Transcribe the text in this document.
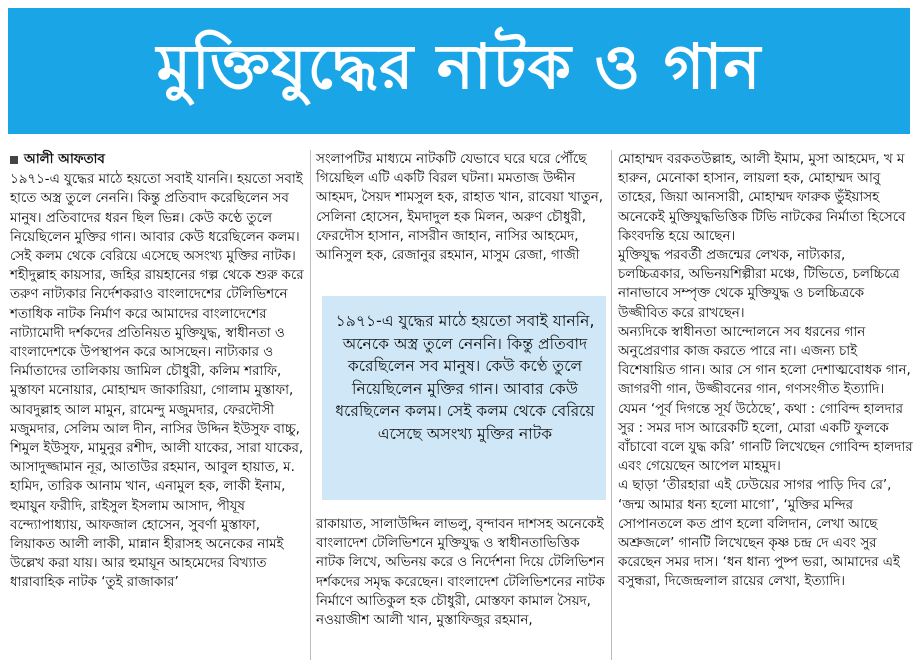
মুক্তিযুদ্ধের নাটক ও গান
আলী আফতাব

১৯৭১-এ যুদ্ধের মাঠে হয়তো সবাই যাননি। হয়তো সবাই হাতে অস্ত্র তুলে নেননি। কিন্তু প্রতিবাদ করেছিলেন সব মানুষ। প্রতিবাদের ধরন ছিল ভিন্ন। কেউ কণ্ঠে তুলে নিয়েছিলেন মুক্তির গান। আবার কেউ ধরেছিলেন কলম। সেই কলম থেকে বেরিয়ে এসেছে অসংখ্য মুক্তির নাটক। শহীদুল্লাহ কায়সার, জহির রায়হানের গল্প থেকে শুরু করে তরুণ নাট্যকার নির্দেশকরাও বাংলাদেশের টেলিভিশনে শতাধিক নাটক নির্মাণ করে আমাদের বাংলাদেশের নাট্যামোদী দর্শকদের প্রতিনিয়ত মুক্তিযুদ্ধ, স্বাধীনতা ও বাংলাদেশকে উপস্থাপন করে আসছেন। নাট্যকার ও নির্মাতাদের তালিকায় জামিল চৌধুরী, কলিম শরাফি, মুস্তাফা মনোয়ার, মোহাম্মদ জাকারিয়া, গোলাম মুস্তাফা, আবদুল্লাহ আল মামুন, রামেন্দু মজুমদার, ফেরদৌসী মজুমদার, সেলিম আল দীন, নাসির উদ্দিন ইউসুফ বাচ্চু, শিমুল ইউসুফ, মামুনুর রশীদ, আলী যাকের, সারা যাকের, আসাদুজ্জামান নূর, আতাউর রহমান, আবুল হায়াত, ম. হামিদ, তারিক আনাম খান, এনামুল হক, লাকী ইনাম, হুমায়ুন ফরীদি, রাইসুল ইসলাম আসাদ, পীযূষ বন্দ্যোপাধ্যায়, আফজাল হোসেন, সুবর্ণা মুস্তাফা, লিয়াকত আলী লাকী, মান্নান হীরাসহ অনেকের নামই উল্লেখ করা যায়। আর হুমায়ূন আহমেদের বিখ্যাত ধারাবাহিক নাটক ‘তুই রাজাকার’

সংলাপটির মাধ্যমে নাটকটি যেভাবে ঘরে ঘরে পৌঁছে গিয়েছিল এটি একটি বিরল ঘটনা। মমতাজ উদ্দীন আহমদ, সৈয়দ শামসুল হক, রাহাত খান, রাবেয়া খাতুন, সেলিনা হোসেন, ইমদাদুল হক মিলন, অরুণ চৌধুরী, ফেরদৌস হাসান, নাসরীন জাহান, নাসির আহমেদ, আনিসুল হক, রেজানুর রহমান, মাসুম রেজা, গাজী

১৯৭১-এ যুদ্ধের মাঠে হয়তো সবাই যাননি, অনেকে অস্ত্র তুলে নেননি। কিন্তু প্রতিবাদ করেছিলেন সব মানুষ। কেউ কণ্ঠে তুলে নিয়েছিলেন মুক্তির গান। আবার কেউ ধরেছিলেন কলম। সেই কলম থেকে বেরিয়ে এসেছে অসংখ্য মুক্তির নাটক

রাকায়াত, সালাউদ্দিন লাভলু, বৃন্দাবন দাশসহ অনেকেই বাংলাদেশ টেলিভিশনে মুক্তিযুদ্ধ ও স্বাধীনতাভিত্তিক নাটক লিখে, অভিনয় করে ও নির্দেশনা দিয়ে টেলিভিশন দর্শকদের সমৃদ্ধ করেছেন। বাংলাদেশ টেলিভিশনের নাটক নির্মাণে আতিকুল হক চৌধুরী, মোস্তফা কামাল সৈয়দ, নওয়াজীশ আলী খান, মুস্তাফিজুর রহমান,

মোহাম্মদ বরকতউল্লাহ, আলী ইমাম, মুসা আহমেদ, খ ম হারুন, মেনোকা হাসান, লায়লা হক, মোহাম্মদ আবু তাহের, জিয়া আনসারী, মোহাম্মদ ফারুক ভুঁইয়াসহ অনেকেই মুক্তিযুদ্ধভিত্তিক টিভি নাটকের নির্মাতা হিসেবে কিংবদন্তি হয়ে আছেন।

মুক্তিযুদ্ধ পরবর্তী প্রজন্মের লেখক, নাট্যকার, চলচ্চিত্রকার, অভিনয়শিল্পীরা মঞ্চে, টিভিতে, চলচ্চিত্রে নানাভাবে সম্পৃক্ত থেকে মুক্তিযুদ্ধ ও চলচ্চিত্রকে উজ্জীবিত করে রাখছেন।

অন্যদিকে স্বাধীনতা আন্দোলনে সব ধরনের গান অনুপ্রেরণার কাজ করতে পারে না। এজন্য চাই বিশেষায়িত গান। আর সে গান হলো দেশাত্মবোধক গান, জাগরণী গান, উজ্জীবনের গান, গণসংগীত ইত্যাদি। যেমন ‘পূর্ব দিগন্তে সূর্য উঠেছে’, কথা : গোবিন্দ হালদার সুর : সমর দাস আরেকটি হলো, মোরা একটি ফুলকে বাঁচাবো বলে যুদ্ধ করি’ গানটি লিখেছেন গোবিন্দ হালদার এবং গেয়েছেন আপেল মাহমুদ।

এ ছাড়া ‘তীরহারা এই ঢেউয়ের সাগর পাড়ি দিব রে’, ‘জন্ম আমার ধন্য হলো মাগো’, ‘মুক্তির মন্দির সোপানতলে কত প্রাণ হলো বলিদান, লেখা আছে অশ্রুজলে’ গানটি লিখেছেন কৃষ্ণ চন্দ্র দে এবং সুর করেছেন সমর দাস। ‘ধন ধান্য পুষ্প ভরা, আমাদের এই বসুন্ধরা, দিজেন্দ্রলাল রায়ের লেখা, ইত্যাদি।
